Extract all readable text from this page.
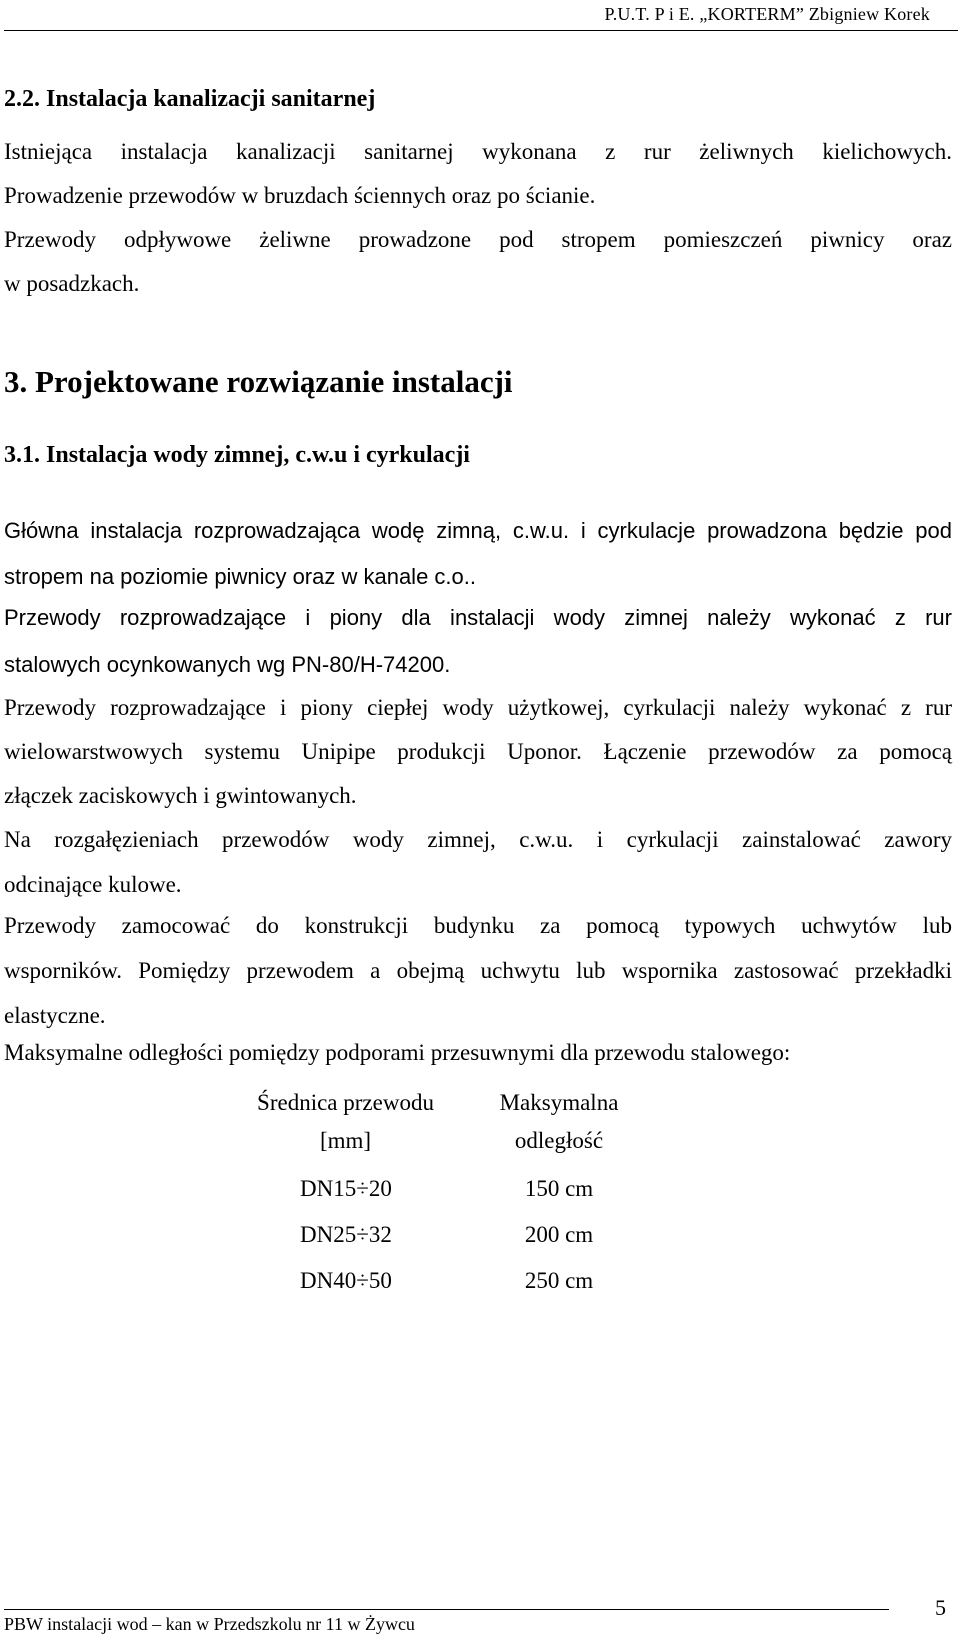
P.U.T. P i E. „KORTERM” Zbigniew Korek
2.2. Instalacja kanalizacji sanitarnej
Istniejąca instalacja kanalizacji sanitarnej wykonana z rur żeliwnych kielichowych.
Prowadzenie przewodów w bruzdach ściennych oraz po ścianie.
Przewody odpływowe żeliwne prowadzone pod stropem pomieszczeń piwnicy oraz
w posadzkach.
3. Projektowane rozwiązanie instalacji
3.1. Instalacja wody zimnej, c.w.u i cyrkulacji
Główna instalacja rozprowadzająca wodę zimną, c.w.u. i cyrkulacje prowadzona będzie pod
stropem na poziomie piwnicy oraz w kanale c.o..
Przewody rozprowadzające i piony dla instalacji wody zimnej należy wykonać z rur
stalowych ocynkowanych wg PN-80/H-74200.
Przewody rozprowadzające i piony ciepłej wody użytkowej, cyrkulacji należy wykonać z rur
wielowarstwowych systemu Unipipe produkcji Uponor. Łączenie przewodów za pomocą
złączek zaciskowych i gwintowanych.
Na rozgałęzieniach przewodów wody zimnej, c.w.u. i cyrkulacji zainstalować zawory
odcinające kulowe.
Przewody zamocować do konstrukcji budynku za pomocą typowych uchwytów lub
wsporników. Pomiędzy przewodem a obejmą uchwytu lub wspornika zastosować przekładki
elastyczne.
Maksymalne odległości pomiędzy podporami przesuwnymi dla przewodu stalowego:
Średnica przewodu	Maksymalna
[mm]	odległość
DN15÷20	150 cm
DN25÷32	200 cm
DN40÷50	250 cm
PBW instalacji wod – kan w Przedszkolu nr 11 w Żywcu
5
